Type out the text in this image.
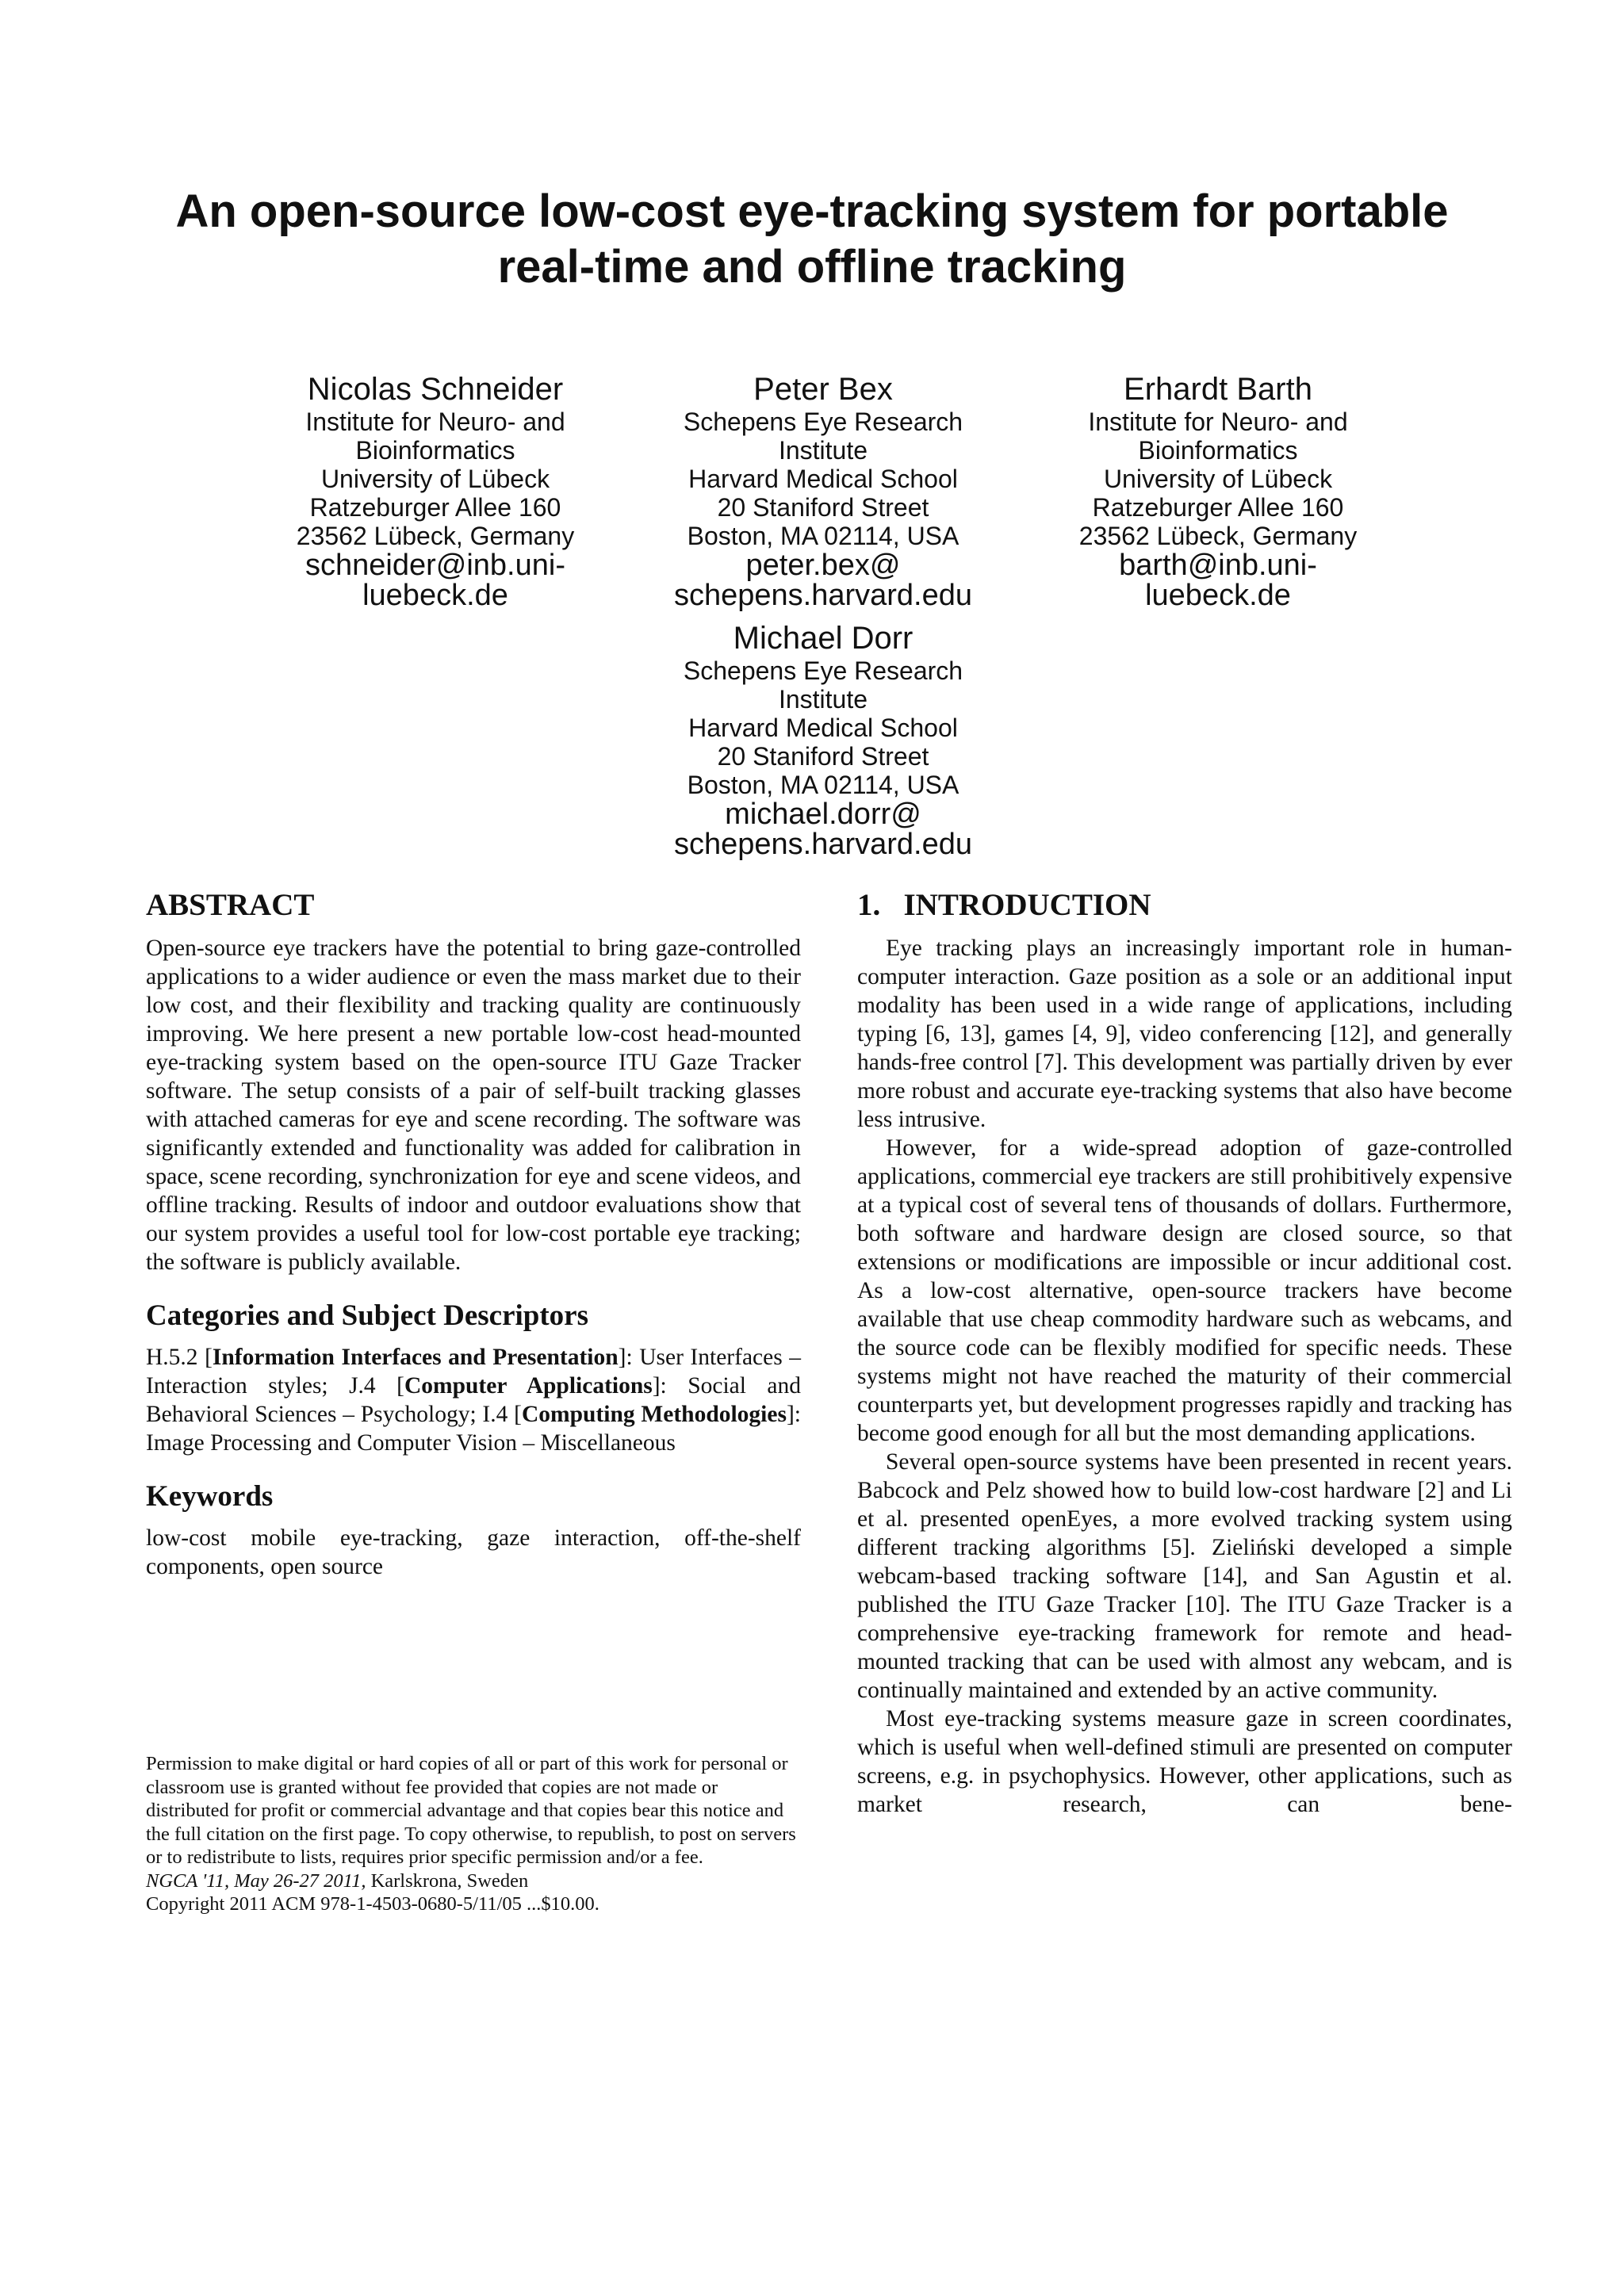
An open-source low-cost eye-tracking system for portable
real-time and offline tracking
Nicolas Schneider
Institute for Neuro- and
Bioinformatics
University of Lübeck
Ratzeburger Allee 160
23562 Lübeck, Germany
schneider@inb.uni-
luebeck.de
Peter Bex
Schepens Eye Research
Institute
Harvard Medical School
20 Staniford Street
Boston, MA 02114, USA
peter.bex@
schepens.harvard.edu
Erhardt Barth
Institute for Neuro- and
Bioinformatics
University of Lübeck
Ratzeburger Allee 160
23562 Lübeck, Germany
barth@inb.uni-
luebeck.de
Michael Dorr
Schepens Eye Research
Institute
Harvard Medical School
20 Staniford Street
Boston, MA 02114, USA
michael.dorr@
schepens.harvard.edu
ABSTRACT

Open-source eye trackers have the potential to bring gaze-controlled applications to a wider audience or even the mass market due to their low cost, and their flexibility and tracking quality are continuously improving. We here present a new portable low-cost head-mounted eye-tracking system based on the open-source ITU Gaze Tracker software. The setup consists of a pair of self-built tracking glasses with attached cameras for eye and scene recording. The software was significantly extended and functionality was added for calibration in space, scene recording, synchronization for eye and scene videos, and offline tracking. Results of indoor and outdoor evaluations show that our system provides a useful tool for low-cost portable eye tracking; the software is publicly available.

Categories and Subject Descriptors

H.5.2 [Information Interfaces and Presentation]: User Interfaces – Interaction styles; J.4 [Computer Applications]: Social and Behavioral Sciences – Psychology; I.4 [Computing Methodologies]: Image Processing and Computer Vision – Miscellaneous

Keywords

low-cost mobile eye-tracking, gaze interaction, off-the-shelf components, open source

Permission to make digital or hard copies of all or part of this work for personal or classroom use is granted without fee provided that copies are not made or distributed for profit or commercial advantage and that copies bear this notice and the full citation on the first page. To copy otherwise, to republish, to post on servers or to redistribute to lists, requires prior specific permission and/or a fee.
NGCA '11, May 26-27 2011, Karlskrona, Sweden
Copyright 2011 ACM 978-1-4503-0680-5/11/05 ...$10.00.
1.   INTRODUCTION

Eye tracking plays an increasingly important role in human-computer interaction. Gaze position as a sole or an additional input modality has been used in a wide range of applications, including typing [6, 13], games [4, 9], video conferencing [12], and generally hands-free control [7]. This development was partially driven by ever more robust and accurate eye-tracking systems that also have become less intrusive.

However, for a wide-spread adoption of gaze-controlled applications, commercial eye trackers are still prohibitively expensive at a typical cost of several tens of thousands of dollars. Furthermore, both software and hardware design are closed source, so that extensions or modifications are impossible or incur additional cost. As a low-cost alternative, open-source trackers have become available that use cheap commodity hardware such as webcams, and the source code can be flexibly modified for specific needs. These systems might not have reached the maturity of their commercial counterparts yet, but development progresses rapidly and tracking has become good enough for all but the most demanding applications.

Several open-source systems have been presented in recent years. Babcock and Pelz showed how to build low-cost hardware [2] and Li et al. presented openEyes, a more evolved tracking system using different tracking algorithms [5]. Zieliński developed a simple webcam-based tracking software [14], and San Agustin et al. published the ITU Gaze Tracker [10]. The ITU Gaze Tracker is a comprehensive eye-tracking framework for remote and head-mounted tracking that can be used with almost any webcam, and is continually maintained and extended by an active community.

Most eye-tracking systems measure gaze in screen coordinates, which is useful when well-defined stimuli are presented on computer screens, e.g. in psychophysics. However, other applications, such as market research, can bene-
